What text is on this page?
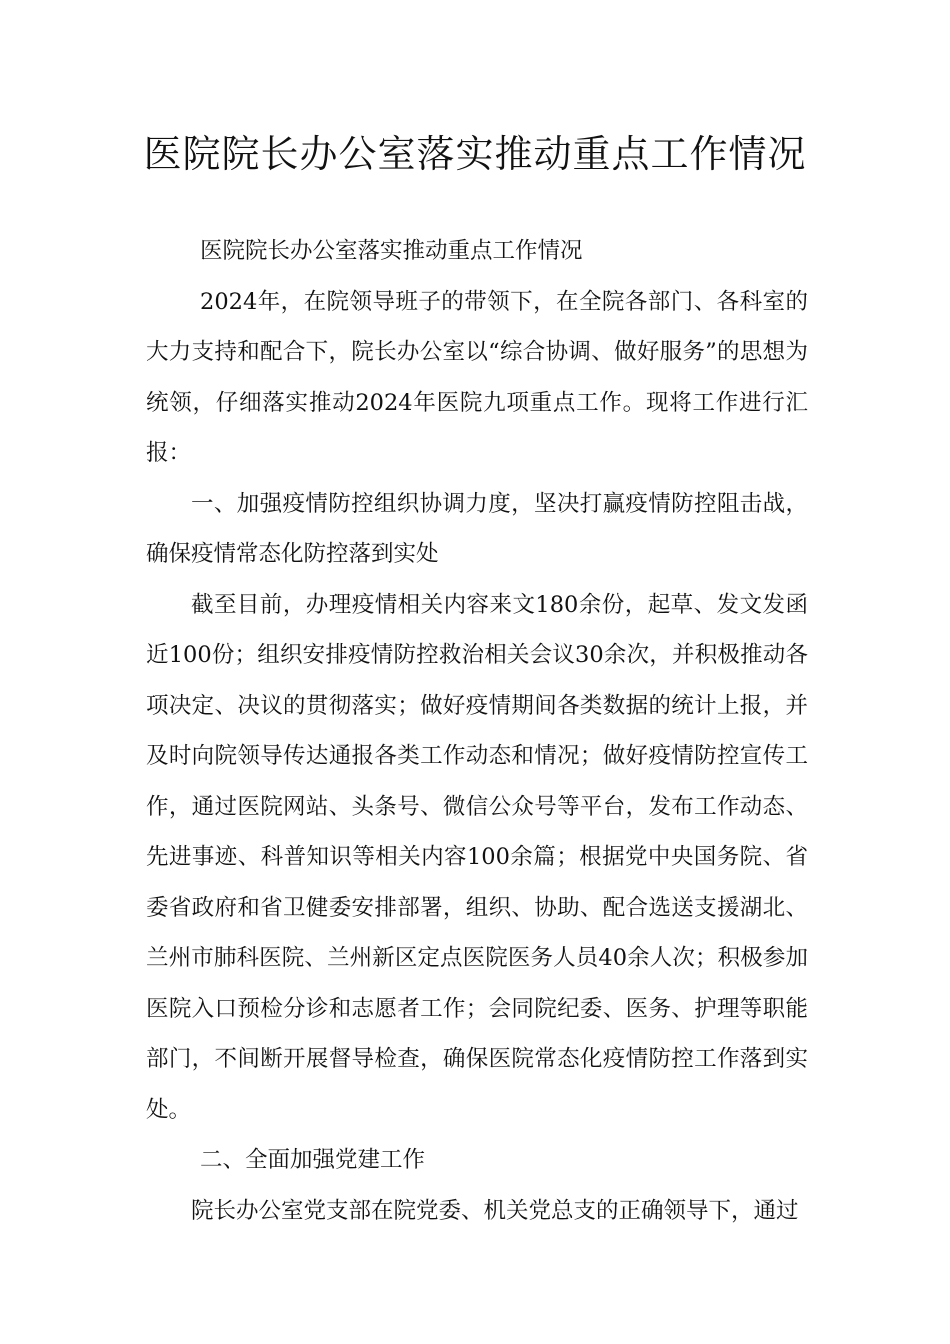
医院院长办公室落实推动重点工作情况

医院院长办公室落实推动重点工作情况

2024年，在院领导班子的带领下，在全院各部门、各科室的大力支持和配合下，院长办公室以“综合协调、做好服务”的思想为统领，仔细落实推动2024年医院九项重点工作。现将工作进行汇报：

一、加强疫情防控组织协调力度，坚决打赢疫情防控阻击战，确保疫情常态化防控落到实处

截至目前，办理疫情相关内容来文180余份，起草、发文发函近100份；组织安排疫情防控救治相关会议30余次，并积极推动各项决定、决议的贯彻落实；做好疫情期间各类数据的统计上报，并及时向院领导传达通报各类工作动态和情况；做好疫情防控宣传工作，通过医院网站、头条号、微信公众号等平台，发布工作动态、先进事迹、科普知识等相关内容100余篇；根据党中央国务院、省委省政府和省卫健委安排部署，组织、协助、配合选送支援湖北、兰州市肺科医院、兰州新区定点医院医务人员40余人次；积极参加医院入口预检分诊和志愿者工作；会同院纪委、医务、护理等职能部门，不间断开展督导检查，确保医院常态化疫情防控工作落到实处。

二、全面加强党建工作

院长办公室党支部在院党委、机关党总支的正确领导下，通过
